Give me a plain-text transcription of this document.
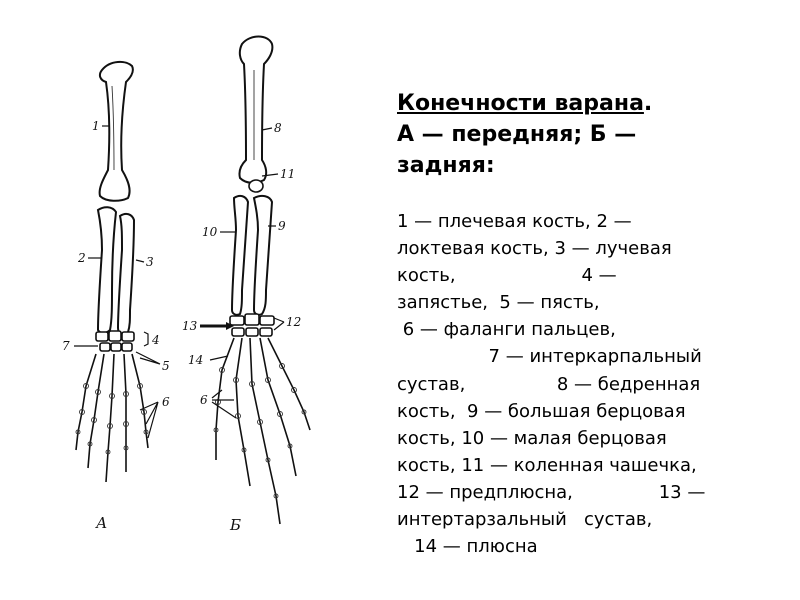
1
2	3
4
7
5
6
А
8
11
10	9
12
13
14
6
Б
Конечности варана.
А — передняя; Б —
задняя:
1 — плечевая кость, 2 —
локтевая кость, 3 — лучевая
кость,                      4 —
запястье,  5 — пясть,
6 — фаланги пальцев,
7 — интеркарпальный
сустав,                8 — бедренная
кость,  9 — большая берцовая
кость, 10 — малая берцовая
кость, 11 — коленная чашечка,
12 — предплюсна,               13 —
интертарзальный   сустав,
14 — плюсна
